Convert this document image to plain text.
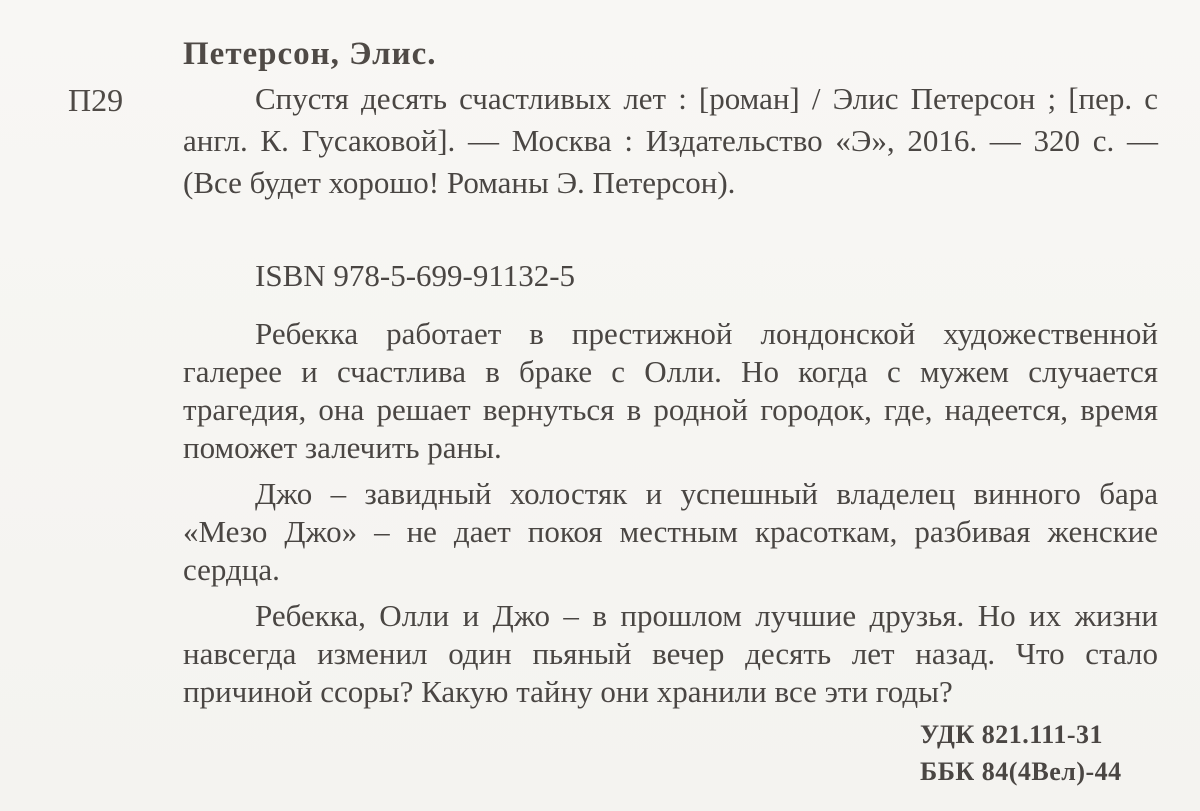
Петерсон, Элис.
П29	Спустя десять счастливых лет : [роман] / Элис Петерсон ; [пер. с англ. К. Гусаковой]. — Москва : Издательство «Э», 2016. — 320 с. — (Все будет хорошо! Романы Э. Петерсон).

ISBN 978-5-699-91132-5

Ребекка работает в престижной лондонской художественной галерее и счастлива в браке с Олли. Но когда с мужем случается трагедия, она решает вернуться в родной городок, где, надеется, время поможет залечить раны.

Джо – завидный холостяк и успешный владелец винного бара «Мезо Джо» – не дает покоя местным красоткам, разбивая женские сердца.

Ребекка, Олли и Джо – в прошлом лучшие друзья. Но их жизни навсегда изменил один пьяный вечер десять лет назад. Что стало причиной ссоры? Какую тайну они хранили все эти годы?

УДК 821.111-31
ББК 84(4Вел)-44
